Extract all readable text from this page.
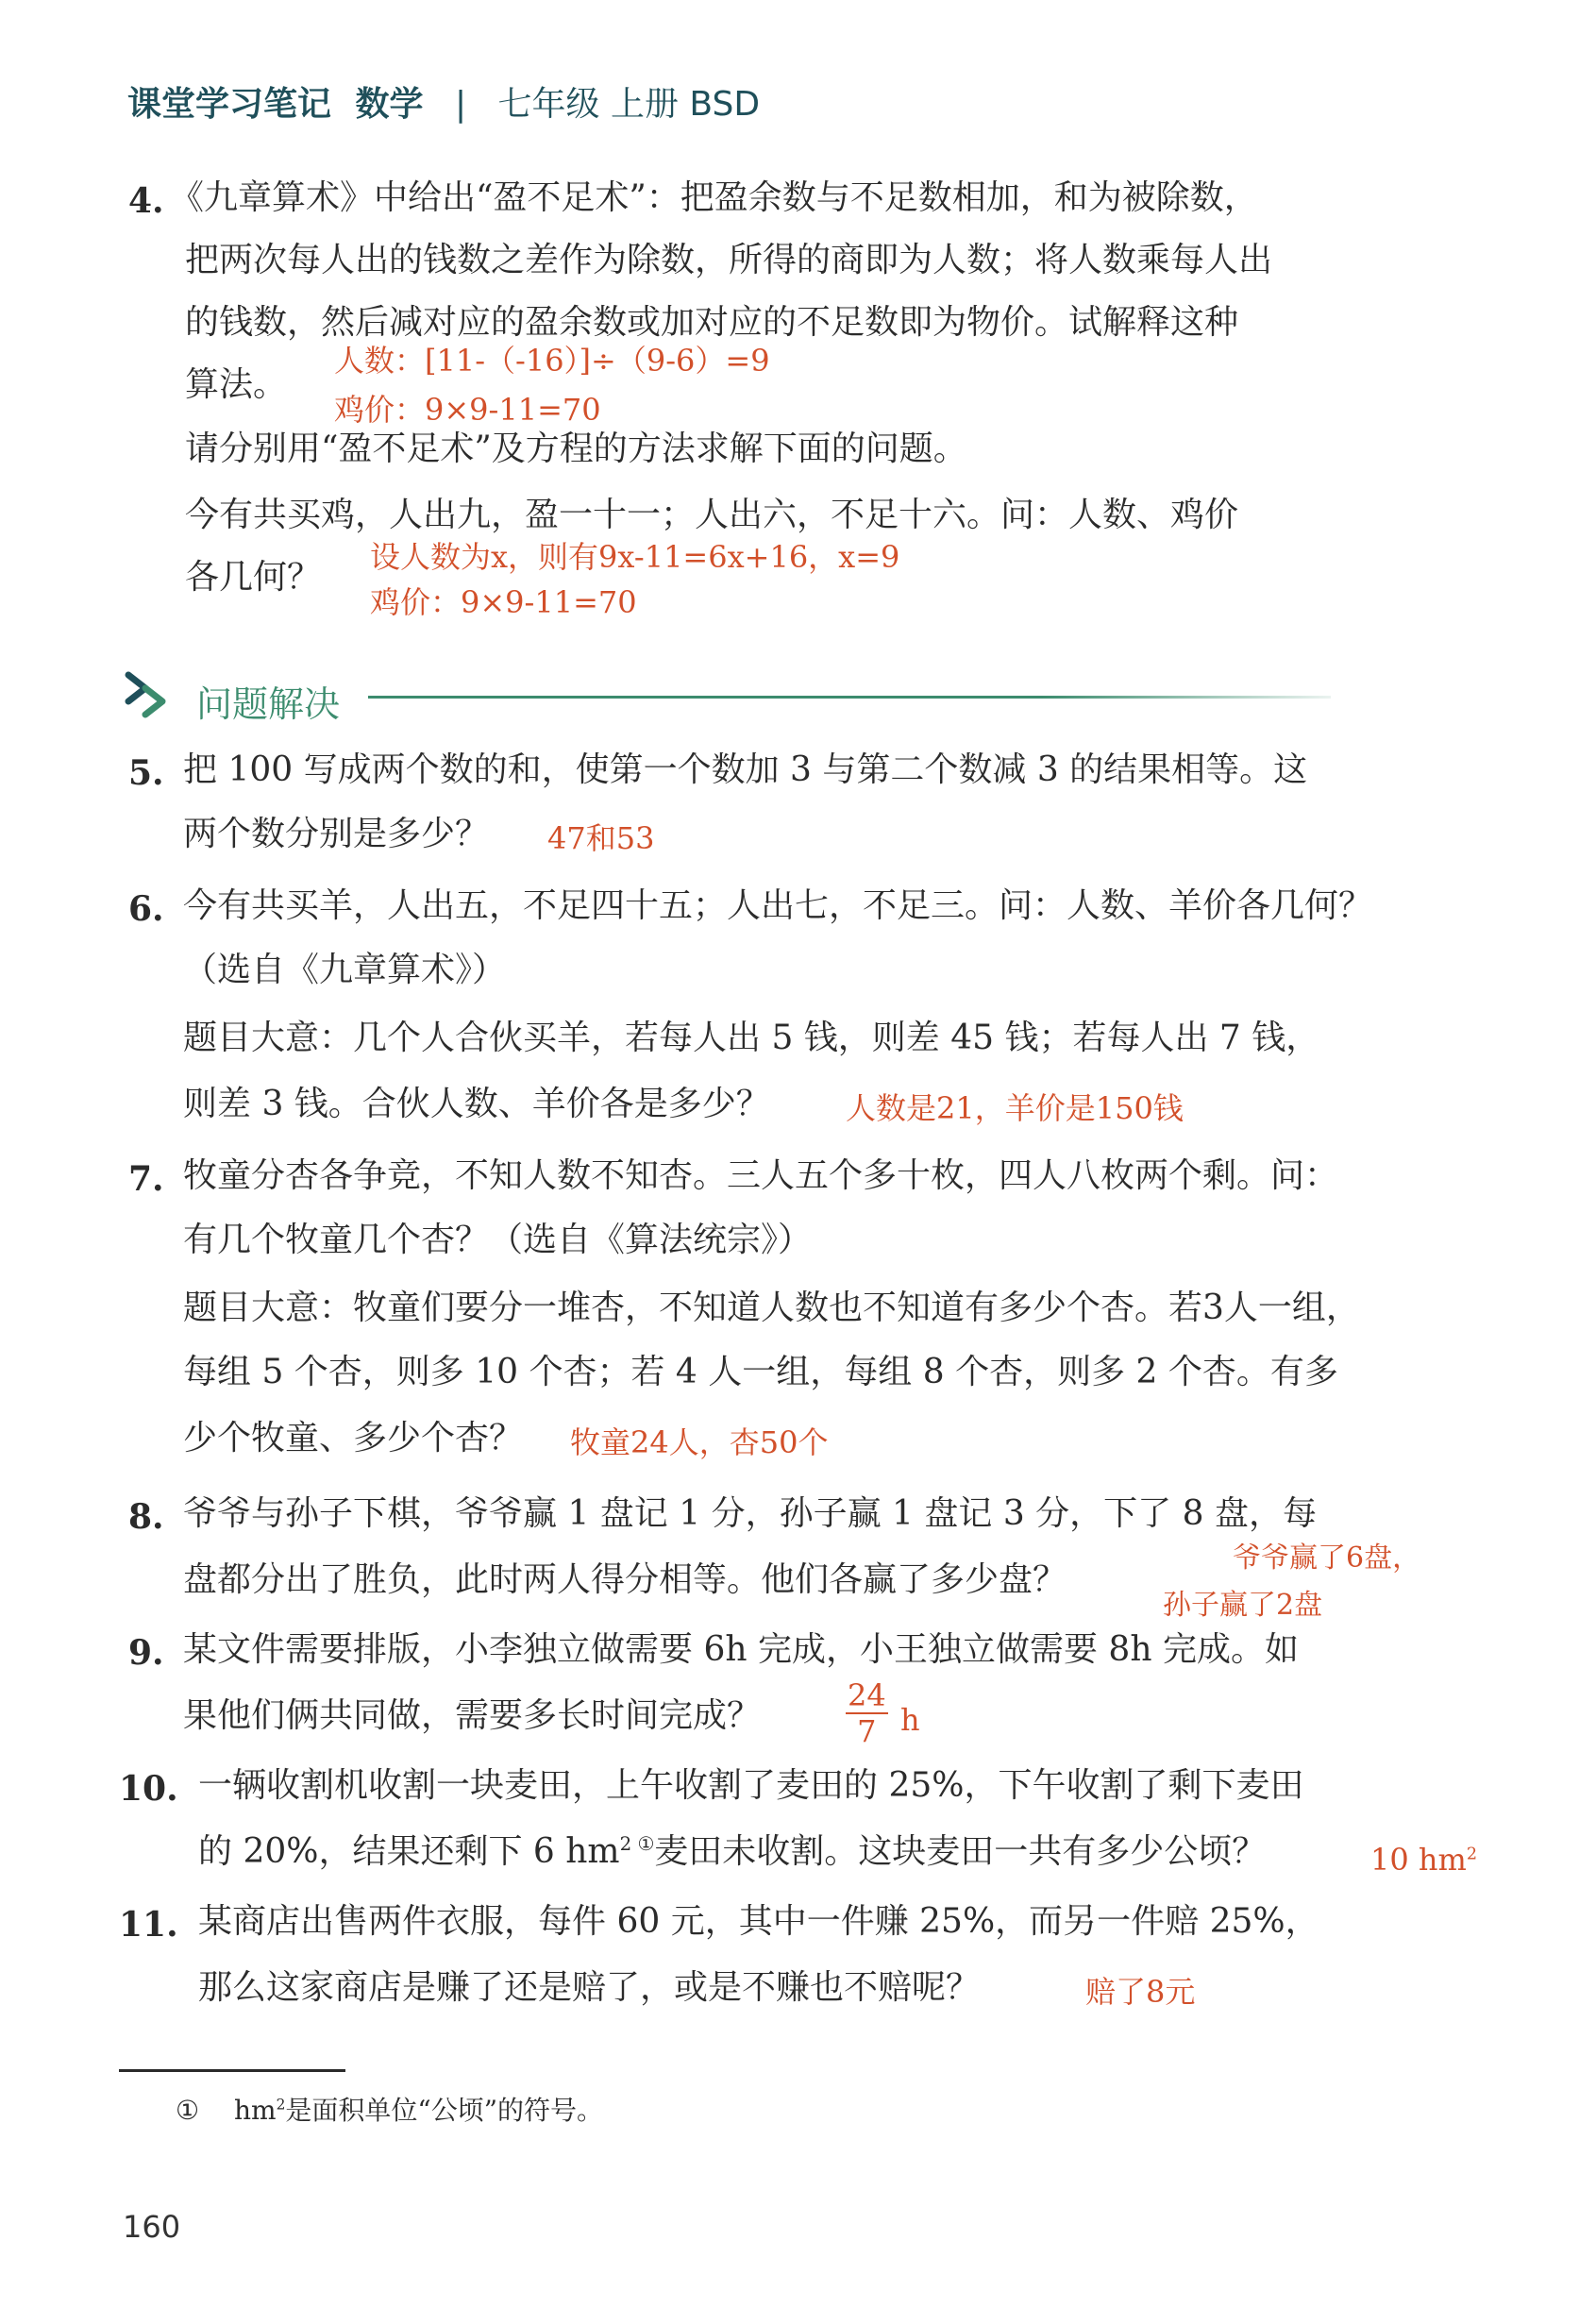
课堂学习笔记 数学 | 七年级 上册 BSD
4. 《九章算术》中给出“盈不足术”：把盈余数与不足数相加，和为被除数，
把两次每人出的钱数之差作为除数，所得的商即为人数；将人数乘每人出
的钱数，然后减对应的盈余数或加对应的不足数即为物价。试解释这种
算法。
人数：[11-（-16）]÷（9-6）=9
鸡价：9×9-11=70
请分别用“盈不足术”及方程的方法求解下面的问题。
今有共买鸡，人出九，盈一十一；人出六，不足十六。问：人数、鸡价
各几何？
设人数为x，则有9x-11=6x+16，x=9
鸡价：9×9-11=70
问题解决
5. 把 100 写成两个数的和，使第一个数加 3 与第二个数减 3 的结果相等。这
两个数分别是多少？ 47和53
6. 今有共买羊，人出五，不足四十五；人出七，不足三。问：人数、羊价各几何？
（选自《九章算术》）
题目大意：几个人合伙买羊，若每人出 5 钱，则差 45 钱；若每人出 7 钱，
则差 3 钱。合伙人数、羊价各是多少？	人数是21，羊价是150钱
7. 牧童分杏各争竞，不知人数不知杏。三人五个多十枚，四人八枚两个剩。问：
有几个牧童几个杏？（选自《算法统宗》）
题目大意：牧童们要分一堆杏，不知道人数也不知道有多少个杏。若3人一组，
每组 5 个杏，则多 10 个杏；若 4 人一组，每组 8 个杏，则多 2 个杏。有多
少个牧童、多少个杏？ 牧童24人，杏50个
8. 爷爷与孙子下棋，爷爷赢 1 盘记 1 分，孙子赢 1 盘记 3 分，下了 8 盘，每
盘都分出了胜负，此时两人得分相等。他们各赢了多少盘？
爷爷赢了6盘，
孙子赢了2盘
9. 某文件需要排版，小李独立做需要 6h 完成，小王独立做需要 8h 完成。如
果他们俩共同做，需要多长时间完成？	$\frac{24}{7}$ h
10. 一辆收割机收割一块麦田，上午收割了麦田的 25%，下午收割了剩下麦田
的 20%，结果还剩下 6 $hm^{2 ①}$麦田未收割。这块麦田一共有多少公顷？	10 $hm^2$
11. 某商店出售两件衣服，每件 60 元，其中一件赚 25%，而另一件赔 25%，
那么这家商店是赚了还是赔了，或是不赚也不赔呢？	赔了8元
① $hm^2$是面积单位“公顷”的符号。
160
